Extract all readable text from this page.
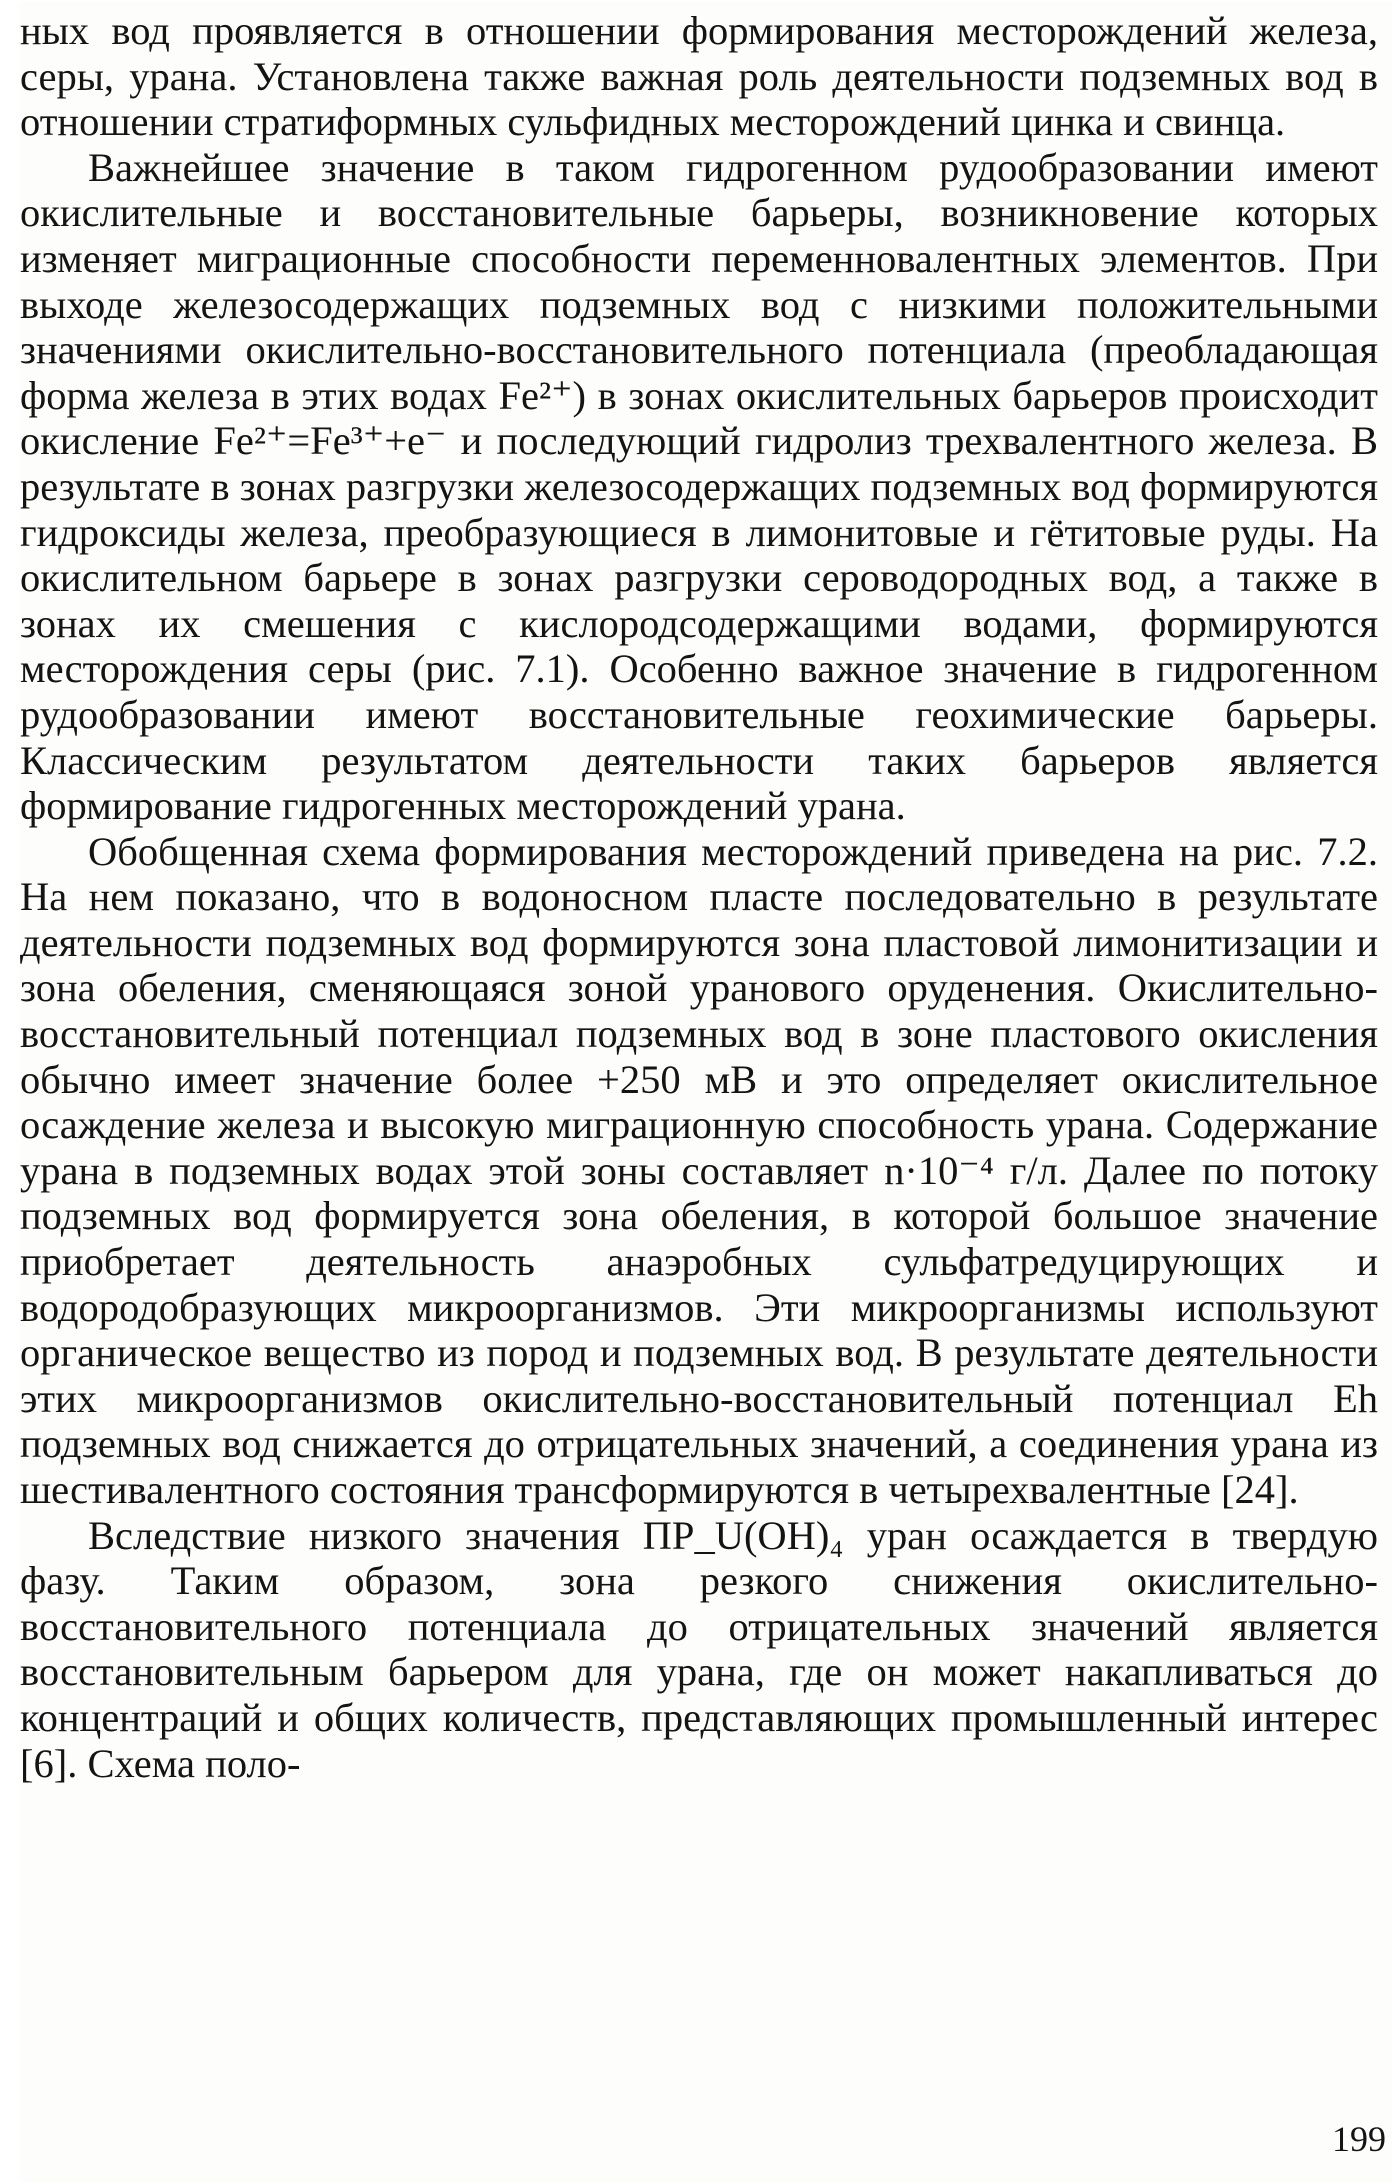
ных вод проявляется в отношении формирования месторождений железа, серы, урана. Установлена также важная роль деятельности подземных вод в отношении стратиформных сульфидных месторождений цинка и свинца.

Важнейшее значение в таком гидрогенном рудообразовании имеют окислительные и восстановительные барьеры, возникновение которых изменяет миграционные способности переменновалентных элементов. При выходе железосодержащих подземных вод с низкими положительными значениями окислительно-восстановительного потенциала (преобладающая форма железа в этих водах Fe²⁺) в зонах окислительных барьеров происходит окисление Fe²⁺=Fe³⁺+e⁻ и последующий гидролиз трехвалентного железа. В результате в зонах разгрузки железосодержащих подземных вод формируются гидроксиды железа, преобразующиеся в лимонитовые и гётитовые руды. На окислительном барьере в зонах разгрузки сероводородных вод, а также в зонах их смешения с кислородсодержащими водами, формируются месторождения серы (рис. 7.1). Особенно важное значение в гидрогенном рудообразовании имеют восстановительные геохимические барьеры. Классическим результатом деятельности таких барьеров является формирование гидрогенных месторождений урана.

Обобщенная схема формирования месторождений приведена на рис. 7.2. На нем показано, что в водоносном пласте последовательно в результате деятельности подземных вод формируются зона пластовой лимонитизации и зона обеления, сменяющаяся зоной уранового оруденения. Окислительно-восстановительный потенциал подземных вод в зоне пластового окисления обычно имеет значение более +250 мВ и это определяет окислительное осаждение железа и высокую миграционную способность урана. Содержание урана в подземных водах этой зоны составляет n·10⁻⁴ г/л. Далее по потоку подземных вод формируется зона обеления, в которой большое значение приобретает деятельность анаэробных сульфатредуцирующих и водородобразующих микроорганизмов. Эти микроорганизмы используют органическое вещество из пород и подземных вод. В результате деятельности этих микроорганизмов окислительно-восстановительный потенциал Eh подземных вод снижается до отрицательных значений, а соединения урана из шестивалентного состояния трансформируются в четырехвалентные [24].

Вследствие низкого значения ПР_U(OH)₄ уран осаждается в твердую фазу. Таким образом, зона резкого снижения окислительно-восстановительного потенциала до отрицательных значений является восстановительным барьером для урана, где он может накапливаться до концентраций и общих количеств, представляющих промышленный интерес [6]. Схема поло-

199
